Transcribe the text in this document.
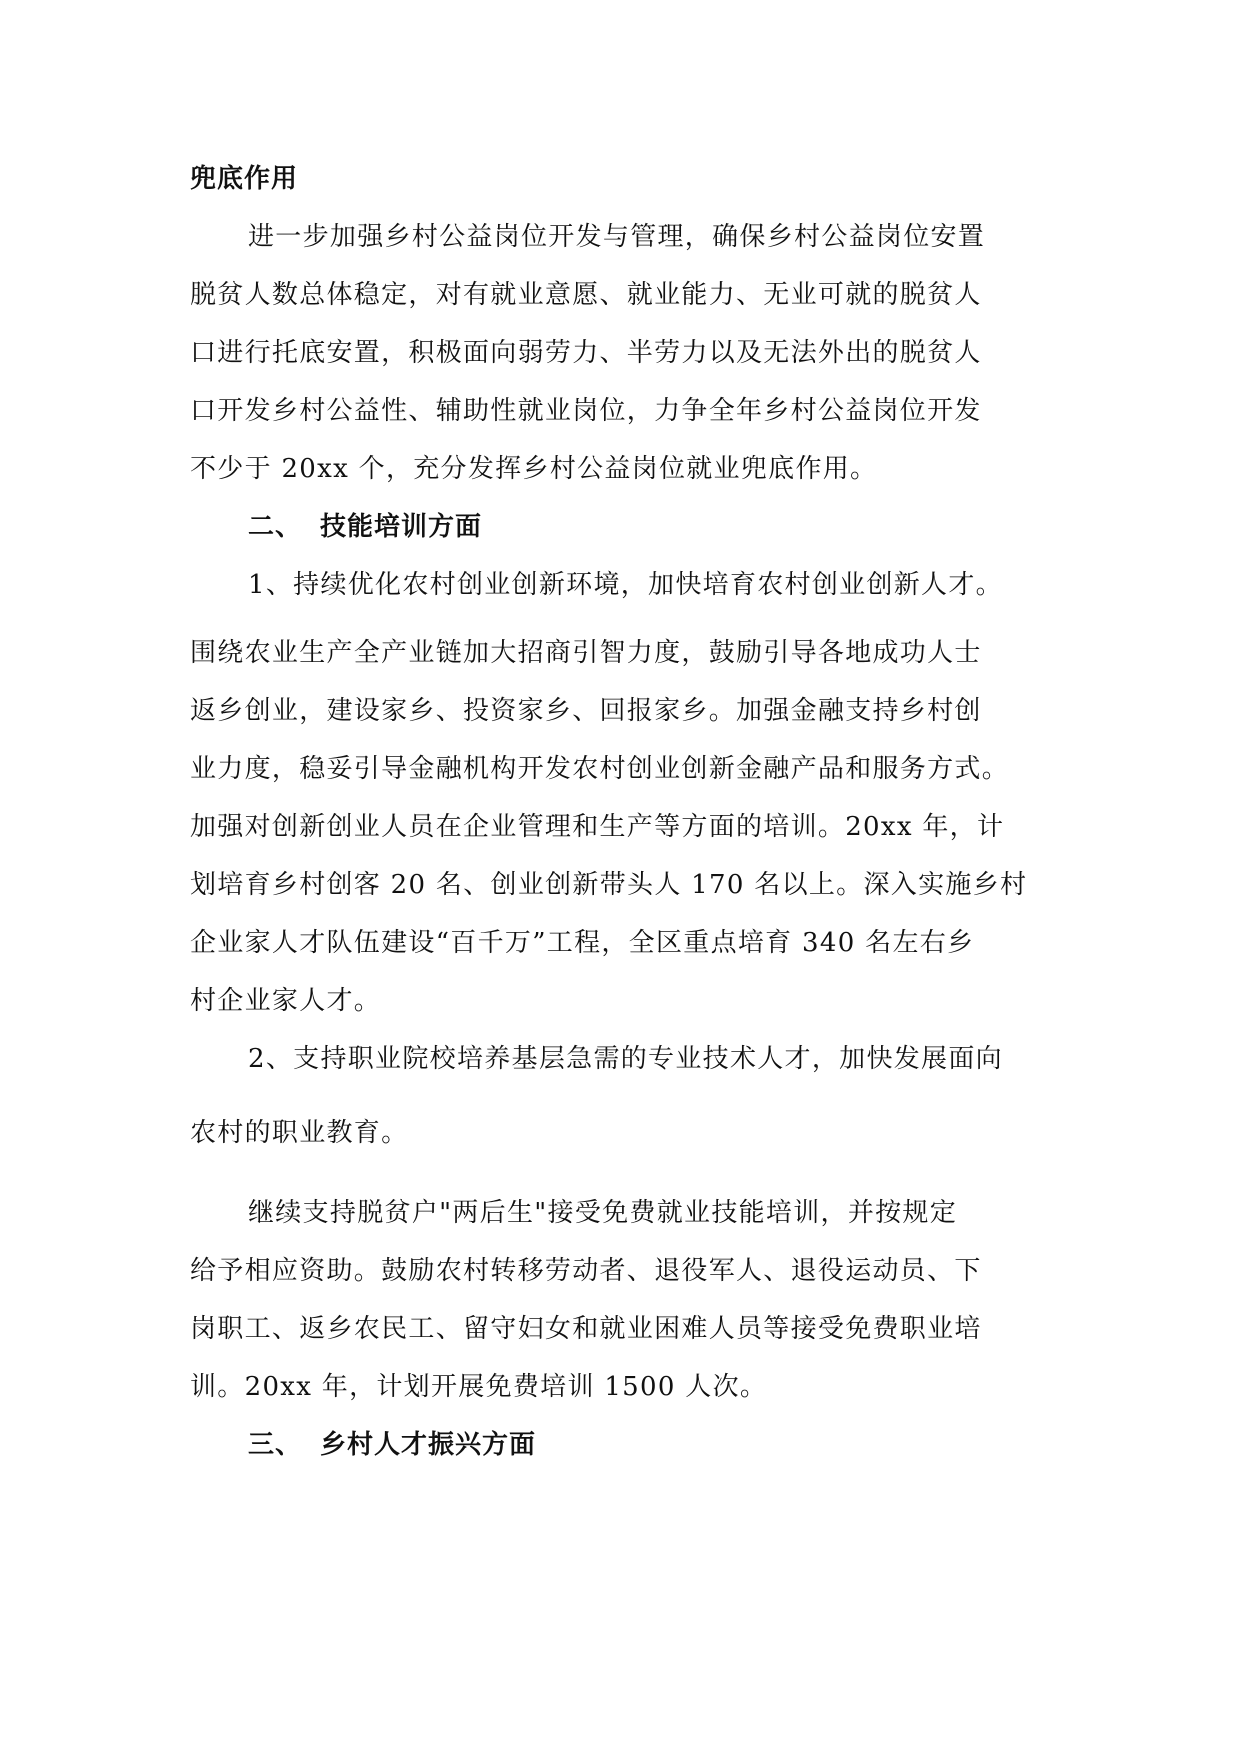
兜底作用
进一步加强乡村公益岗位开发与管理，确保乡村公益岗位安置
脱贫人数总体稳定，对有就业意愿、就业能力、无业可就的脱贫人
口进行托底安置，积极面向弱劳力、半劳力以及无法外出的脱贫人
口开发乡村公益性、辅助性就业岗位，力争全年乡村公益岗位开发
不少于 20xx 个，充分发挥乡村公益岗位就业兜底作用。
二、 技能培训方面
1、持续优化农村创业创新环境，加快培育农村创业创新人才。
围绕农业生产全产业链加大招商引智力度，鼓励引导各地成功人士
返乡创业，建设家乡、投资家乡、回报家乡。加强金融支持乡村创
业力度，稳妥引导金融机构开发农村创业创新金融产品和服务方式。
加强对创新创业人员在企业管理和生产等方面的培训。20xx 年，计
划培育乡村创客 20 名、创业创新带头人 170 名以上。深入实施乡村
企业家人才队伍建设“百千万”工程，全区重点培育 340 名左右乡
村企业家人才。
2、支持职业院校培养基层急需的专业技术人才，加快发展面向
农村的职业教育。
继续支持脱贫户"两后生"接受免费就业技能培训，并按规定
给予相应资助。鼓励农村转移劳动者、退役军人、退役运动员、下
岗职工、返乡农民工、留守妇女和就业困难人员等接受免费职业培
训。20xx 年，计划开展免费培训 1500 人次。
三、 乡村人才振兴方面
